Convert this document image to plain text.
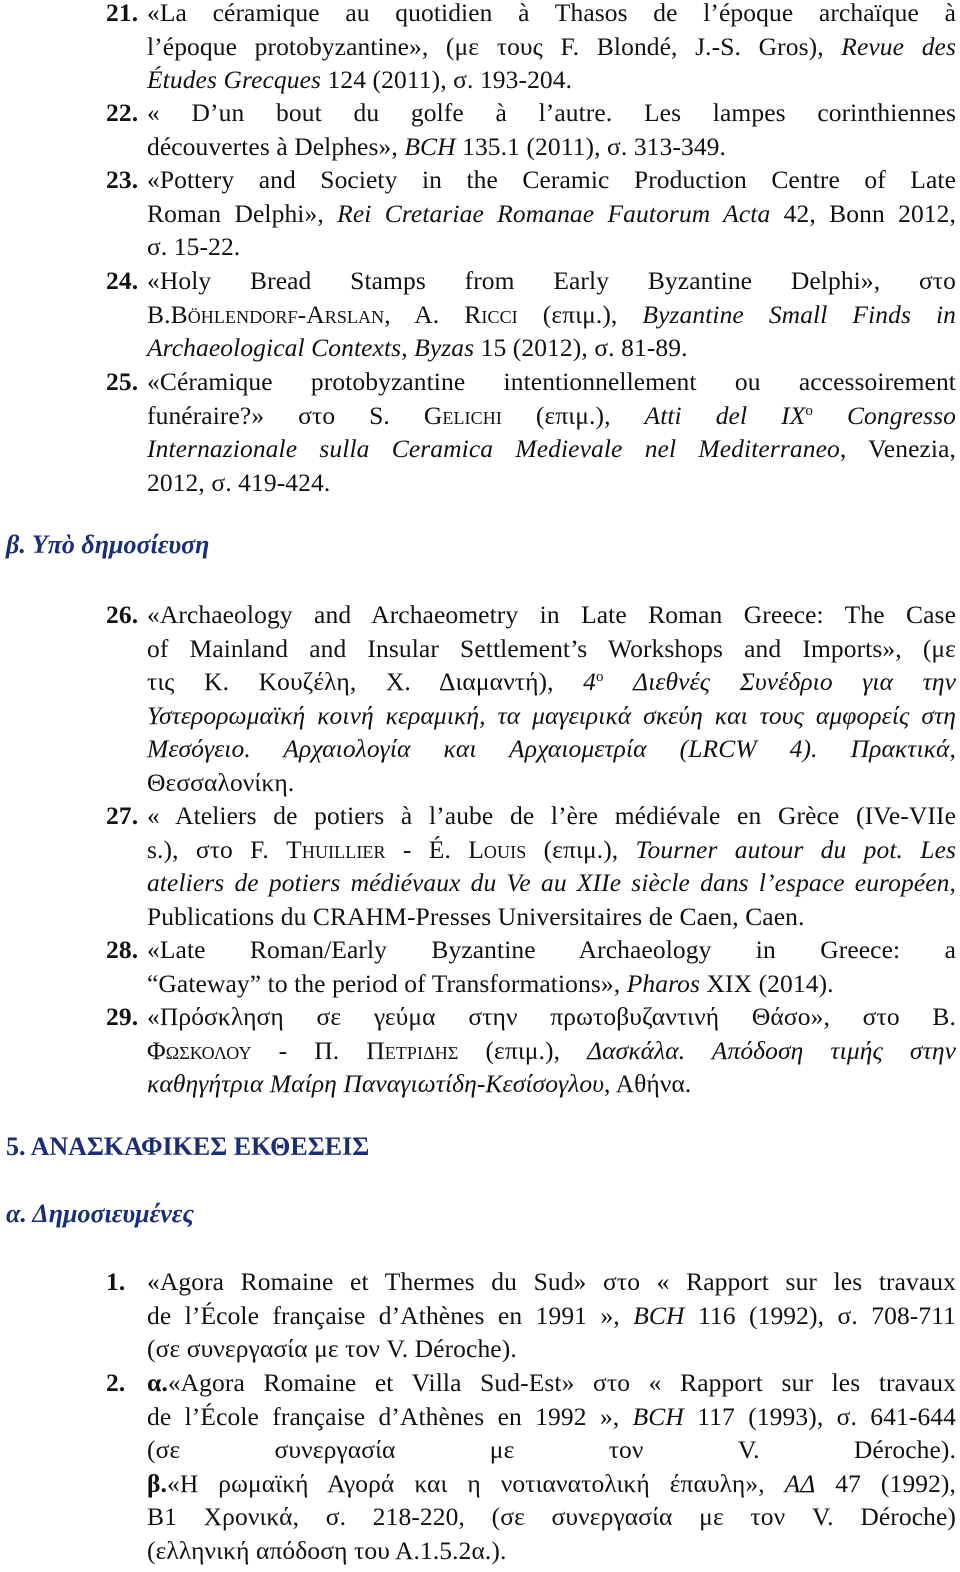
21. «La céramique au quotidien à Thasos de l’époque archaïque à
l’époque protobyzantine», (με τους F. Blondé, J.-S. Gros), Revue des
Études Grecques 124 (2011), σ. 193-204.
22. « D’un bout du golfe à l’autre. Les lampes corinthiennes
découvertes à Delphes», BCH 135.1 (2011), σ. 313-349.
23. «Pottery and Society in the Ceramic Production Centre of Late
Roman Delphi», Rei Cretariae Romanae Fautorum Acta 42, Bonn 2012,
σ. 15-22.
24. «Holy Bread Stamps from Early Byzantine Delphi», στο
B.Böhlendorf-Arslan, A. Ricci (επιμ.), Byzantine Small Finds in
Archaeological Contexts, Byzas 15 (2012), σ. 81-89.
25. «Céramique protobyzantine intentionnellement ou accessoirement
funéraire?» στο S. Gelichi (επιμ.), Atti del $IX^o$ Congresso
Internazionale sulla Ceramica Medievale nel Mediterraneo, Venezia,
2012, σ. 419-424.
β. Υπὸ δημοσίευση
26. «Archaeology and Archaeometry in Late Roman Greece: The Case
of Mainland and Insular Settlement’s Workshops and Imports», (με
τις Κ. Κουζέλη, Χ. Διαμαντή), $4^o$ Διεθνές Συνέδριο για την
Υστερορωμαϊκή κοινή κεραμική, τα μαγειρικά σκεύη και τους αμφορείς στη
Μεσόγειο. Αρχαιολογία και Αρχαιομετρία (LRCW 4). Πρακτικά,
Θεσσαλονίκη.
27. « Ateliers de potiers à l’aube de l’ère médiévale en Grèce (IVe-VIIe
s.), στο F. Thuillier - É. Louis (επιμ.), Tourner autour du pot. Les
ateliers de potiers médiévaux du Ve au XIIe siècle dans l’espace européen,
Publications du CRAHM-Presses Universitaires de Caen, Caen.
28. «Late Roman/Early Byzantine Archaeology in Greece: a
“Gateway” to the period of Transformations», Pharos XIX (2014).
29. «Πρόσκληση σε γεύμα στην πρωτοβυζαντινή Θάσο», στο Β.
Φωσκολου - Π. Πετριδης (επιμ.), Δασκάλα. Απόδοση τιμής στην
καθηγήτρια Μαίρη Παναγιωτίδη-Κεσίσογλου, Αθήνα.
5. ΑΝΑΣΚΑΦΙΚΕΣ ΕΚΘΕΣΕΙΣ
α. Δημοσιευμένες
1. «Agora Romaine et Thermes du Sud» στο « Rapport sur les travaux
de l’École française d’Athènes en 1991 », BCH 116 (1992), σ. 708-711
(σε συνεργασία με τον V. Déroche).
2. α.«Agora Romaine et Villa Sud-Est» στο « Rapport sur les travaux
de l’École française d’Athènes en 1992 », BCH 117 (1993), σ. 641-644
(σε συνεργασία με τον V. Déroche).
β.«Η ρωμαϊκή Αγορά και η νοτιανατολική έπαυλη», ΑΔ 47 (1992),
Β1 Χρονικά, σ. 218-220, (σε συνεργασία με τον V. Déroche)
(ελληνική απόδοση του Α.1.5.2α.).
